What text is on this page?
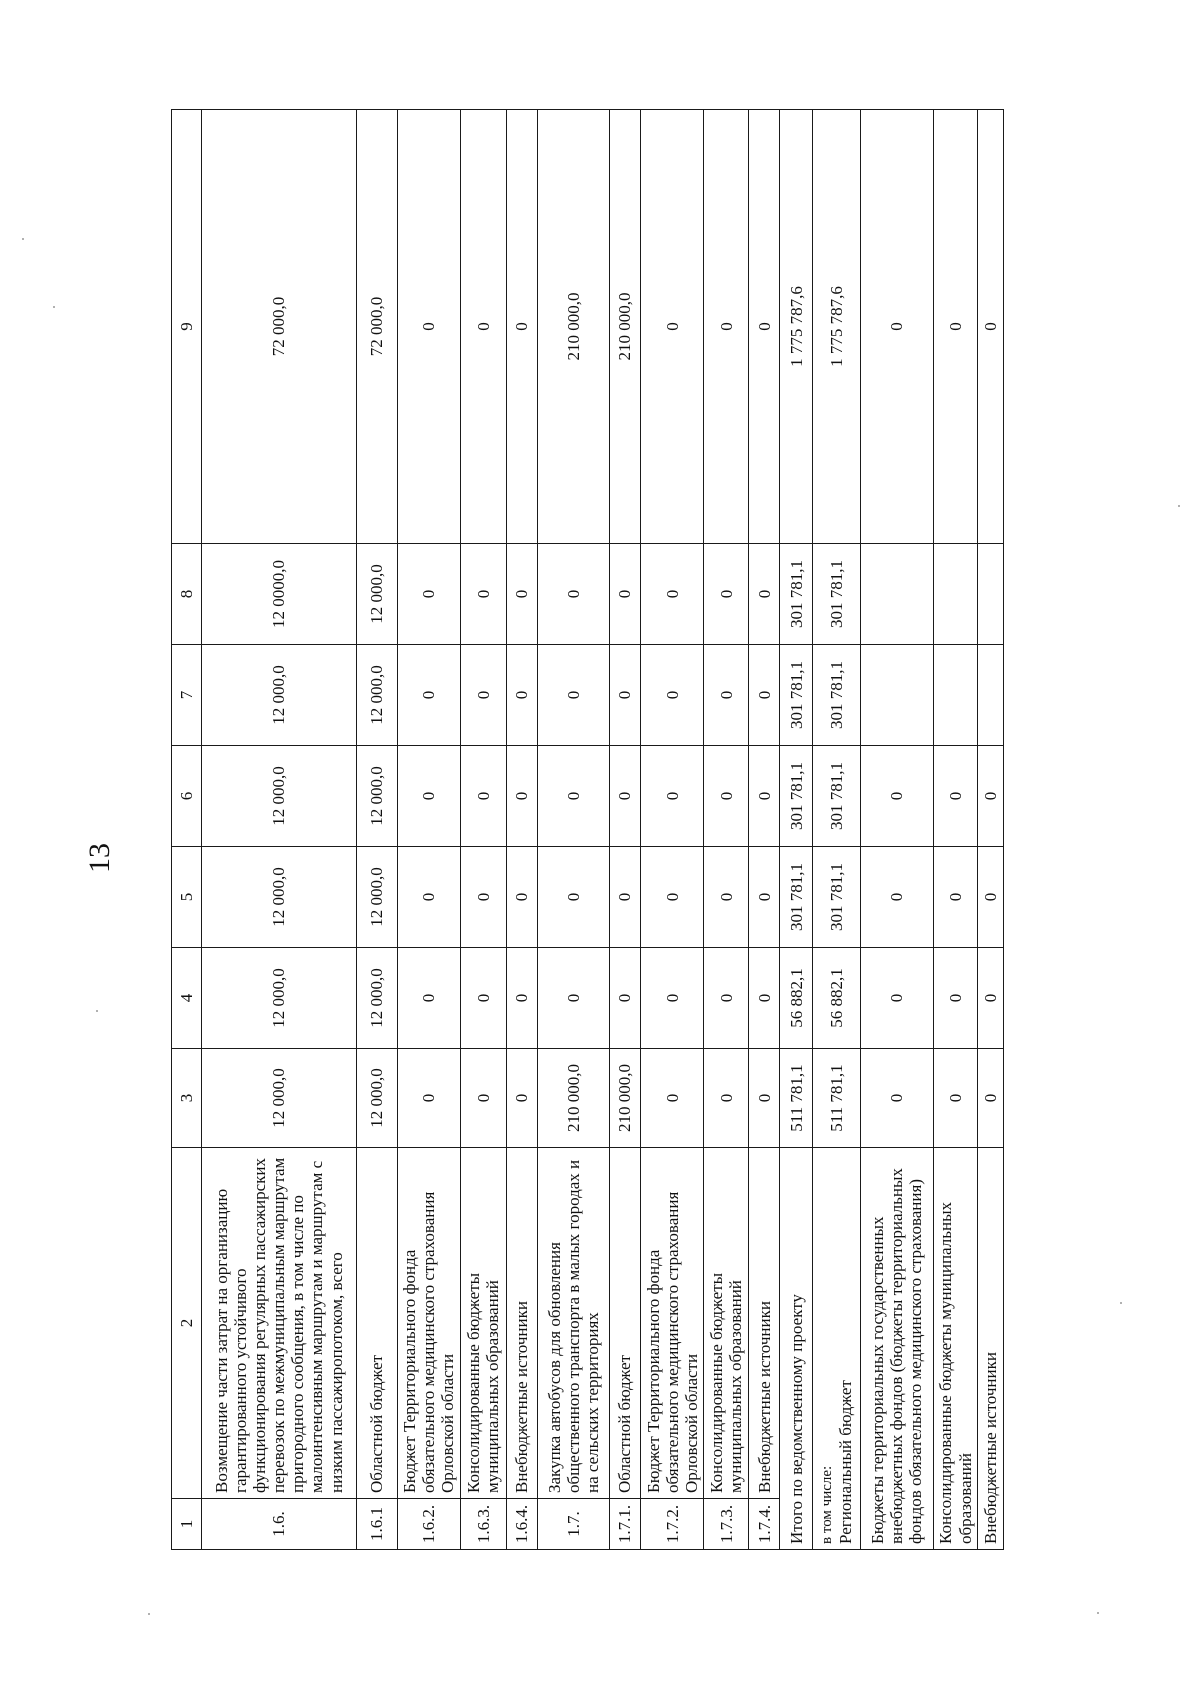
13
1	2	3	4	5	6	7	8	9
1.6.	Возмещение части затрат на организацию гарантированного устойчивого функционирования регулярных пассажирских перевозок по межмуниципальным маршрутам пригородного сообщения, в том числе по малоинтенсивным маршрутам и маршрутам с низким пассажиропотоком, всего	12 000,0	12 000,0	12 000,0	12 000,0	12 000,0	12 0000,0	72 000,0
1.6.1	Областной бюджет	12 000,0	12 000,0	12 000,0	12 000,0	12 000,0	12 000,0	72 000,0
1.6.2.	Бюджет Территориального фонда обязательного медицинского страхования Орловской области	0	0	0	0	0	0	0
1.6.3.	Консолидированные бюджеты муниципальных образований	0	0	0	0	0	0	0
1.6.4.	Внебюджетные источники	0	0	0	0	0	0	0
1.7.	Закупка автобусов для обновления общественного транспорта в малых городах и на сельских территориях	210 000,0	0	0	0	0	0	210 000,0
1.7.1.	Областной бюджет	210 000,0	0	0	0	0	0	210 000,0
1.7.2.	Бюджет Территориального фонда обязательного медицинского страхования Орловской области	0	0	0	0	0	0	0
1.7.3.	Консолидированные бюджеты муниципальных образований	0	0	0	0	0	0	0
1.7.4.	Внебюджетные источники	0	0	0	0	0	0	0
Итого по ведомственному проекту		511 781,1	56 882,1	301 781,1	301 781,1	301 781,1	301 781,1	1 775 787,6

в том числе: Региональный бюджет		511 781,1	56 882,1	301 781,1	301 781,1	301 781,1	301 781,1	1 775 787,6
Бюджеты территориальных государственных внебюджетных фондов (бюджеты территориальных фондов обязательного медицинского страхования)		0	0	0	0			0
Консолидированные бюджеты муниципальных образований		0	0	0	0			0
Внебюджетные источники		0	0	0	0			0
